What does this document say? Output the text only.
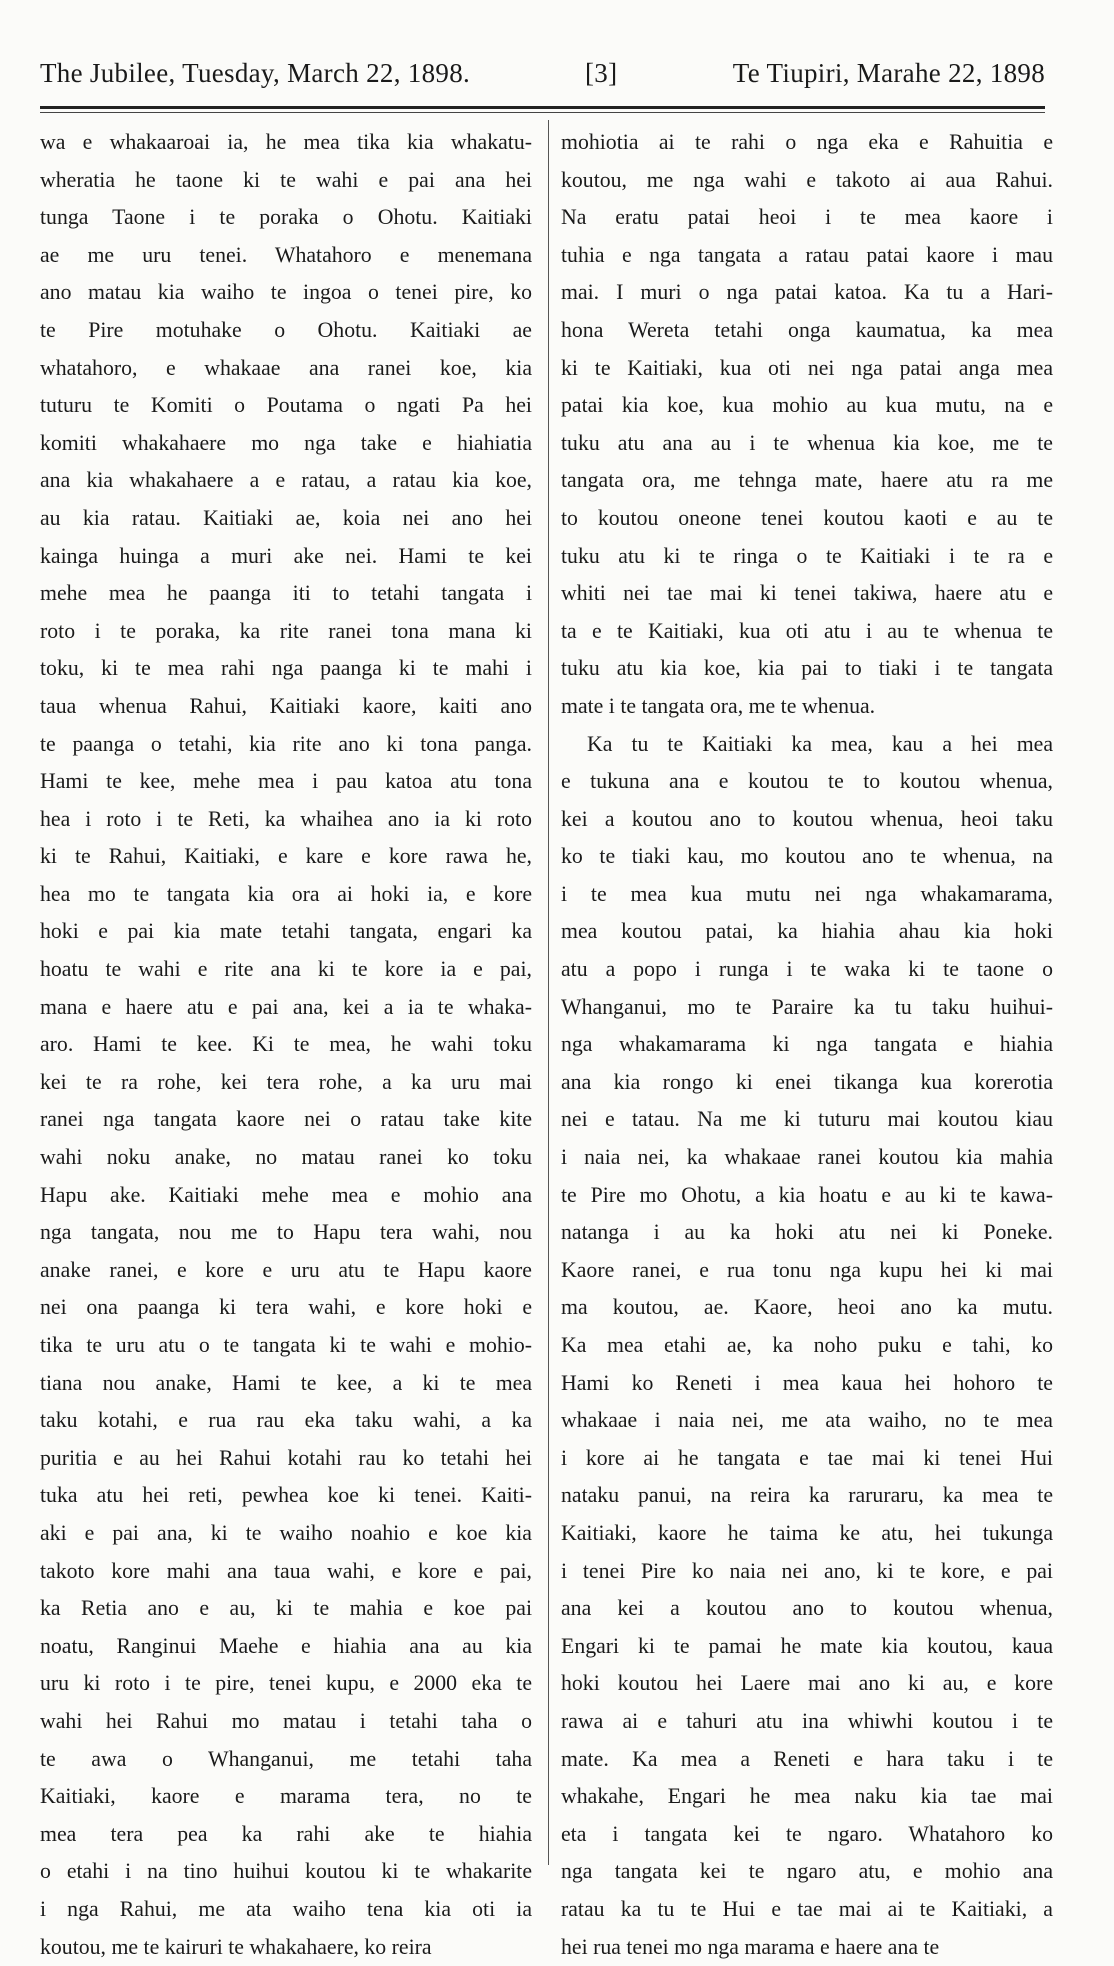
The Jubilee, Tuesday, March 22, 1898.	[3]	Te Tiupiri, Marahe 22, 1898

wa e whakaaroai ia, he mea tika kia whakatu-

wheratia he taone ki te wahi e pai ana hei

tunga Taone i te poraka o Ohotu. Kaitiaki

ae me uru tenei. Whatahoro e menemana

ano matau kia waiho te ingoa o tenei pire, ko

te Pire motuhake o Ohotu. Kaitiaki ae

whatahoro, e whakaae ana ranei koe, kia

tuturu te Komiti o Poutama o ngati Pa hei

komiti whakahaere mo nga take e hiahiatia

ana kia whakahaere a e ratau, a ratau kia koe,

au kia ratau. Kaitiaki ae, koia nei ano hei

kainga huinga a muri ake nei. Hami te kei

mehe mea he paanga iti to tetahi tangata i

roto i te poraka, ka rite ranei tona mana ki

toku, ki te mea rahi nga paanga ki te mahi i

taua whenua Rahui, Kaitiaki kaore, kaiti ano

te paanga o tetahi, kia rite ano ki tona panga.

Hami te kee, mehe mea i pau katoa atu tona

hea i roto i te Reti, ka whaihea ano ia ki roto

ki te Rahui, Kaitiaki, e kare e kore rawa he,

hea mo te tangata kia ora ai hoki ia, e kore

hoki e pai kia mate tetahi tangata, engari ka

hoatu te wahi e rite ana ki te kore ia e pai,

mana e haere atu e pai ana, kei a ia te whaka-

aro. Hami te kee. Ki te mea, he wahi toku

kei te ra rohe, kei tera rohe, a ka uru mai

ranei nga tangata kaore nei o ratau take kite

wahi noku anake, no matau ranei ko toku

Hapu ake. Kaitiaki mehe mea e mohio ana

nga tangata, nou me to Hapu tera wahi, nou

anake ranei, e kore e uru atu te Hapu kaore

nei ona paanga ki tera wahi, e kore hoki e

tika te uru atu o te tangata ki te wahi e mohio-

tiana nou anake, Hami te kee, a ki te mea

taku kotahi, e rua rau eka taku wahi, a ka

puritia e au hei Rahui kotahi rau ko tetahi hei

tuka atu hei reti, pewhea koe ki tenei. Kaiti-

aki e pai ana, ki te waiho noahio e koe kia

takoto kore mahi ana taua wahi, e kore e pai,

ka Retia ano e au, ki te mahia e koe pai

noatu, Ranginui Maehe e hiahia ana au kia

uru ki roto i te pire, tenei kupu, e 2000 eka te

wahi hei Rahui mo matau i tetahi taha o

te awa o Whanganui, me tetahi taha

Kaitiaki, kaore e marama tera, no te

mea tera pea ka rahi ake te hiahia

o etahi i na tino huihui koutou ki te whakarite

i nga Rahui, me ata waiho tena kia oti ia

koutou, me te kairuri te whakahaere, ko reira

mohiotia ai te rahi o nga eka e Rahuitia e

koutou, me nga wahi e takoto ai aua Rahui.

Na eratu patai heoi i te mea kaore i

tuhia e nga tangata a ratau patai kaore i mau

mai. I muri o nga patai katoa. Ka tu a Hari-

hona Wereta tetahi onga kaumatua, ka mea

ki te Kaitiaki, kua oti nei nga patai anga mea

patai kia koe, kua mohio au kua mutu, na e

tuku atu ana au i te whenua kia koe, me te

tangata ora, me tehnga mate, haere atu ra me

to koutou oneone tenei koutou kaoti e au te

tuku atu ki te ringa o te Kaitiaki i te ra e

whiti nei tae mai ki tenei takiwa, haere atu e

ta e te Kaitiaki, kua oti atu i au te whenua te

tuku atu kia koe, kia pai to tiaki i te tangata

mate i te tangata ora, me te whenua.

Ka tu te Kaitiaki ka mea, kau a hei mea

e tukuna ana e koutou te to koutou whenua,

kei a koutou ano to koutou whenua, heoi taku

ko te tiaki kau, mo koutou ano te whenua, na

i te mea kua mutu nei nga whakamarama,

mea koutou patai, ka hiahia ahau kia hoki

atu a popo i runga i te waka ki te taone o

Whanganui, mo te Paraire ka tu taku huihui-

nga whakamarama ki nga tangata e hiahia

ana kia rongo ki enei tikanga kua korerotia

nei e tatau. Na me ki tuturu mai koutou kiau

i naia nei, ka whakaae ranei koutou kia mahia

te Pire mo Ohotu, a kia hoatu e au ki te kawa-

natanga i au ka hoki atu nei ki Poneke.

Kaore ranei, e rua tonu nga kupu hei ki mai

ma koutou, ae. Kaore, heoi ano ka mutu.

Ka mea etahi ae, ka noho puku e tahi, ko

Hami ko Reneti i mea kaua hei hohoro te

whakaae i naia nei, me ata waiho, no te mea

i kore ai he tangata e tae mai ki tenei Hui

nataku panui, na reira ka raruraru, ka mea te

Kaitiaki, kaore he taima ke atu, hei tukunga

i tenei Pire ko naia nei ano, ki te kore, e pai

ana kei a koutou ano to koutou whenua,

Engari ki te pamai he mate kia koutou, kaua

hoki koutou hei Laere mai ano ki au, e kore

rawa ai e tahuri atu ina whiwhi koutou i te

mate. Ka mea a Reneti e hara taku i te

whakahe, Engari he mea naku kia tae mai

eta i tangata kei te ngaro. Whatahoro ko

nga tangata kei te ngaro atu, e mohio ana

ratau ka tu te Hui e tae mai ai te Kaitiaki, a

hei rua tenei mo nga marama e haere ana te
